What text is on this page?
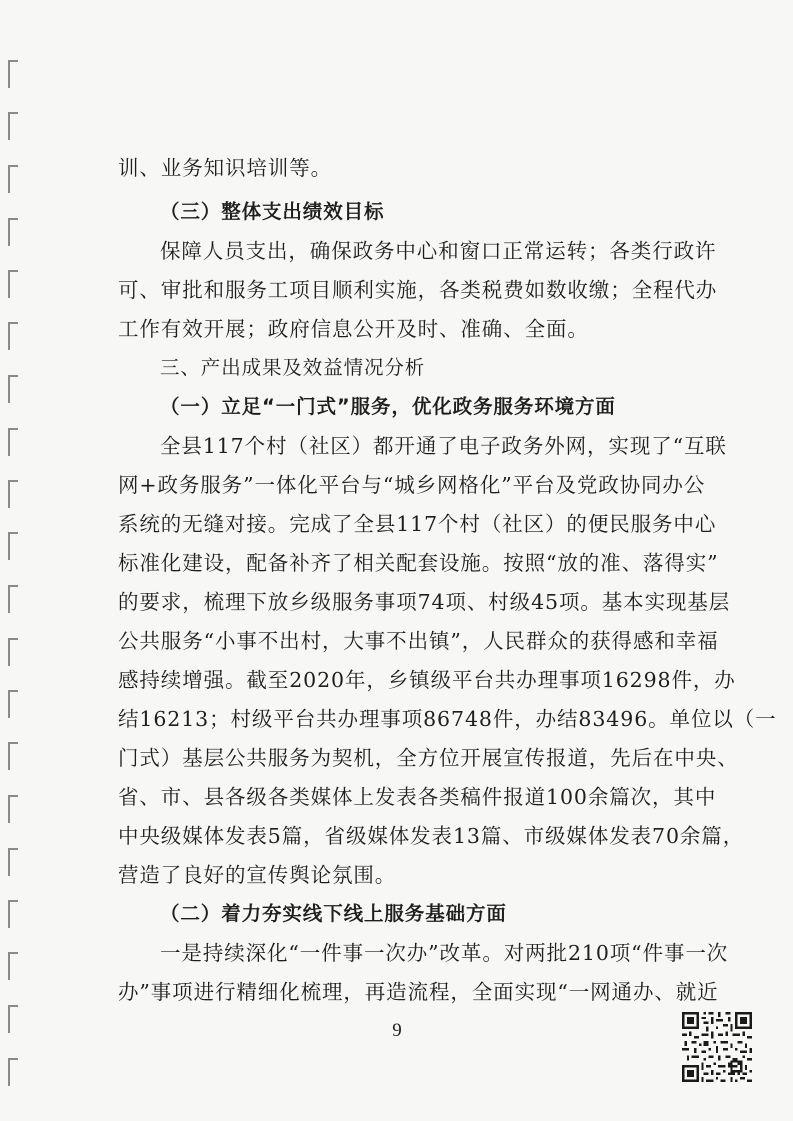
训、业务知识培训等。
（三）整体支出绩效目标
保障人员支出，确保政务中心和窗口正常运转；各类行政许
可、审批和服务工项目顺利实施，各类税费如数收缴；全程代办
工作有效开展；政府信息公开及时、准确、全面。
三、产出成果及效益情况分析
（一）立足“一门式”服务，优化政务服务环境方面
全县117个村（社区）都开通了电子政务外网，实现了“互联
网+政务服务”一体化平台与“城乡网格化”平台及党政协同办公
系统的无缝对接。完成了全县117个村（社区）的便民服务中心
标准化建设，配备补齐了相关配套设施。按照“放的准、落得实”
的要求，梳理下放乡级服务事项74项、村级45项。基本实现基层
公共服务“小事不出村，大事不出镇”，人民群众的获得感和幸福
感持续增强。截至2020年，乡镇级平台共办理事项16298件，办
结16213；村级平台共办理事项86748件，办结83496。单位以（一
门式）基层公共服务为契机，全方位开展宣传报道，先后在中央、
省、市、县各级各类媒体上发表各类稿件报道100余篇次，其中
中央级媒体发表5篇，省级媒体发表13篇、市级媒体发表70余篇，
营造了良好的宣传舆论氛围。
（二）着力夯实线下线上服务基础方面
一是持续深化“一件事一次办”改革。对两批210项“件事一次
办”事项进行精细化梳理，再造流程，全面实现“一网通办、就近
9
